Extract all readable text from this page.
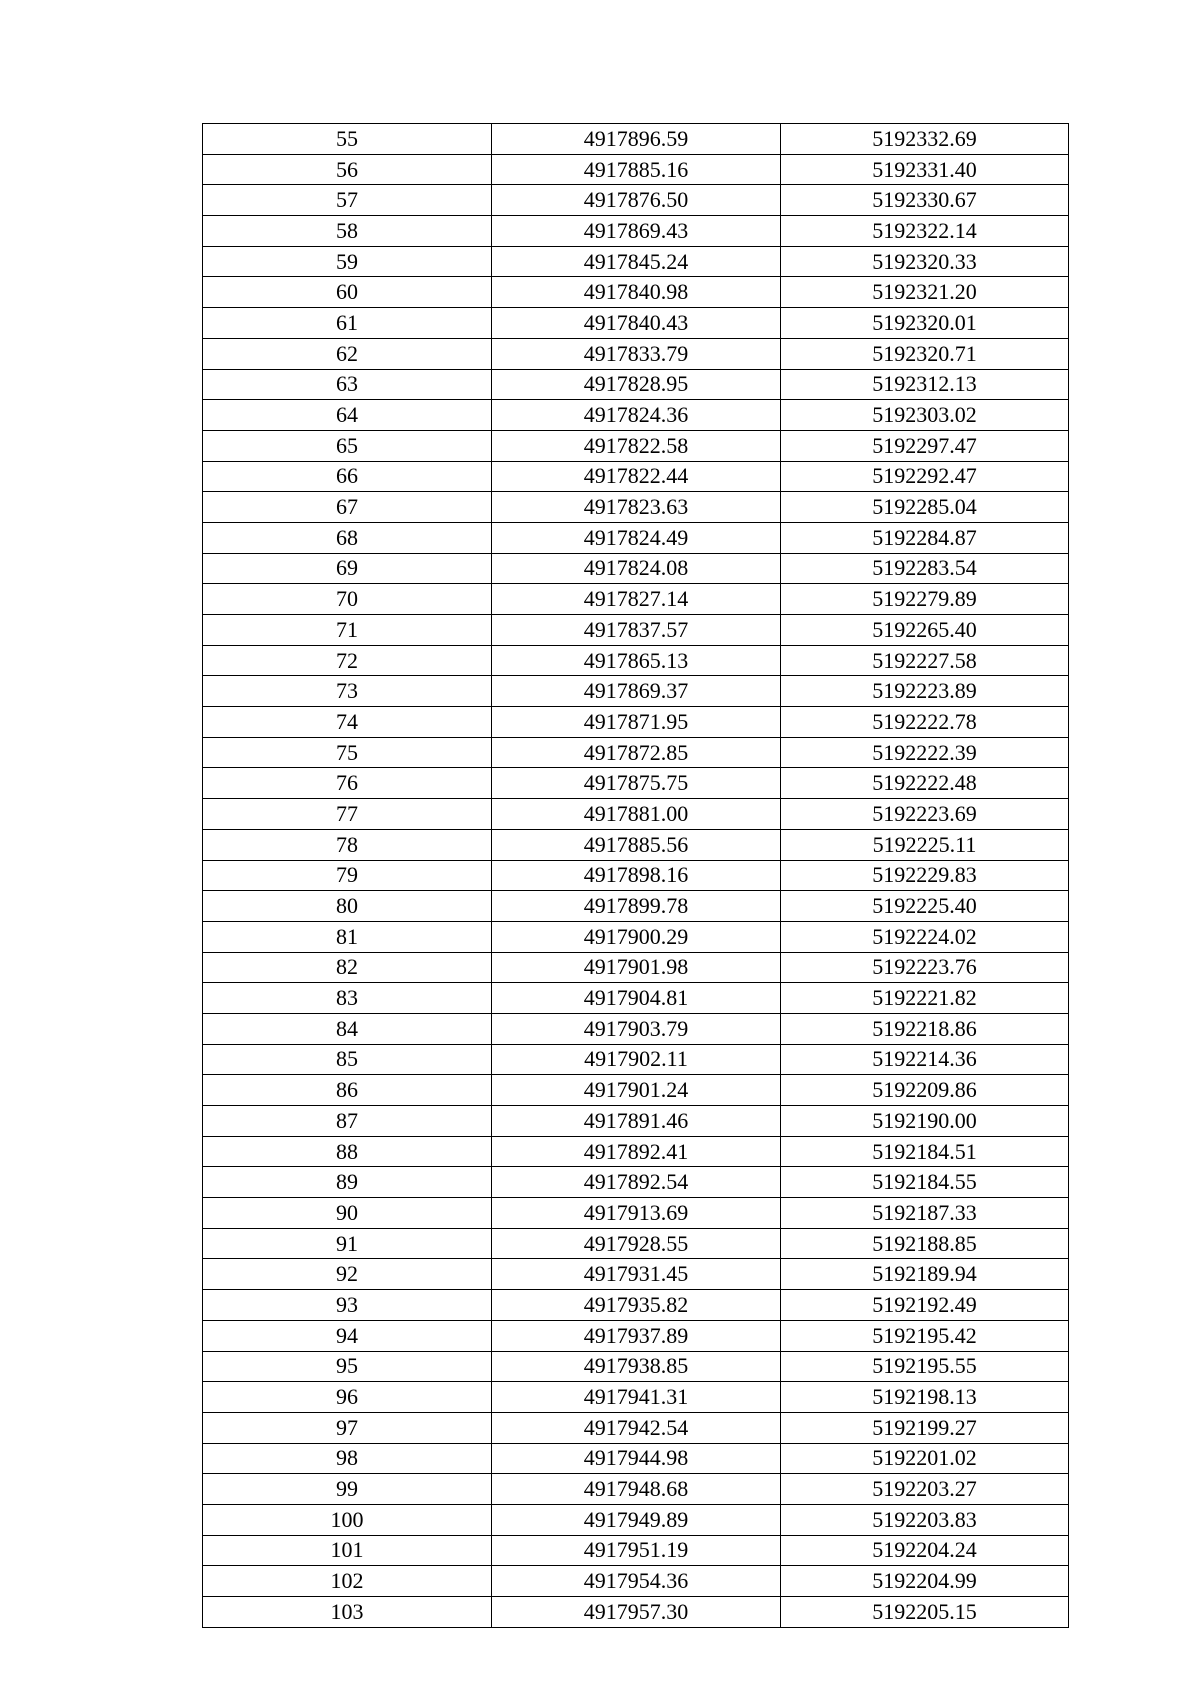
55	4917896.59	5192332.69
56	4917885.16	5192331.40
57	4917876.50	5192330.67
58	4917869.43	5192322.14
59	4917845.24	5192320.33
60	4917840.98	5192321.20
61	4917840.43	5192320.01
62	4917833.79	5192320.71
63	4917828.95	5192312.13
64	4917824.36	5192303.02
65	4917822.58	5192297.47
66	4917822.44	5192292.47
67	4917823.63	5192285.04
68	4917824.49	5192284.87
69	4917824.08	5192283.54
70	4917827.14	5192279.89
71	4917837.57	5192265.40
72	4917865.13	5192227.58
73	4917869.37	5192223.89
74	4917871.95	5192222.78
75	4917872.85	5192222.39
76	4917875.75	5192222.48
77	4917881.00	5192223.69
78	4917885.56	5192225.11
79	4917898.16	5192229.83
80	4917899.78	5192225.40
81	4917900.29	5192224.02
82	4917901.98	5192223.76
83	4917904.81	5192221.82
84	4917903.79	5192218.86
85	4917902.11	5192214.36
86	4917901.24	5192209.86
87	4917891.46	5192190.00
88	4917892.41	5192184.51
89	4917892.54	5192184.55
90	4917913.69	5192187.33
91	4917928.55	5192188.85
92	4917931.45	5192189.94
93	4917935.82	5192192.49
94	4917937.89	5192195.42
95	4917938.85	5192195.55
96	4917941.31	5192198.13
97	4917942.54	5192199.27
98	4917944.98	5192201.02
99	4917948.68	5192203.27
100	4917949.89	5192203.83
101	4917951.19	5192204.24
102	4917954.36	5192204.99
103	4917957.30	5192205.15
